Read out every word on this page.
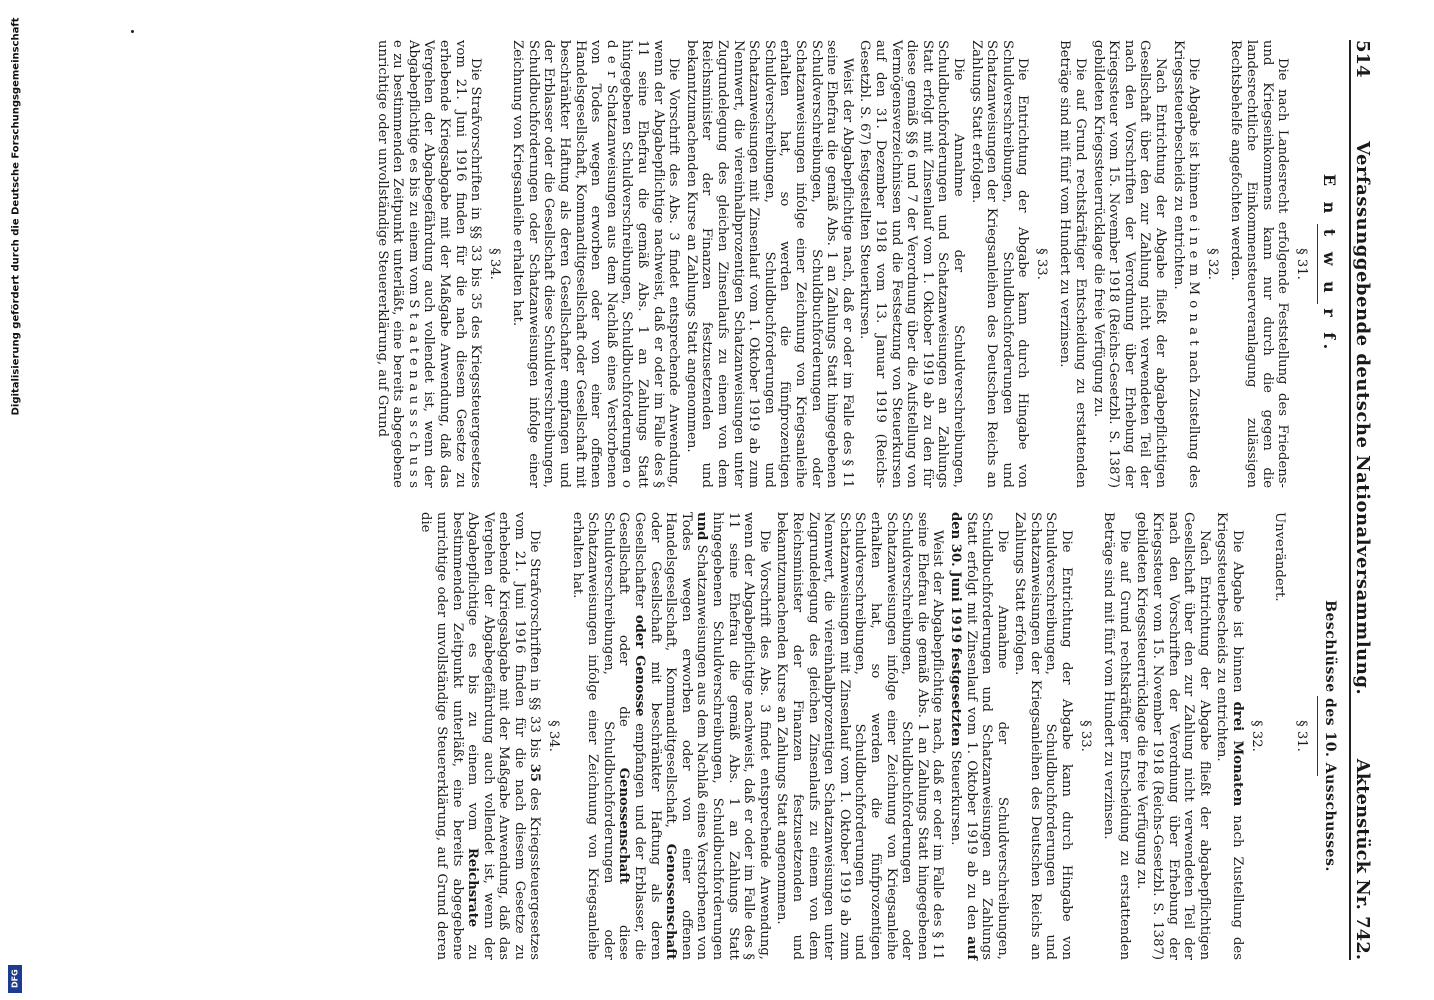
Digitalisierung gefördert durch die Deutsche Forschungsgemeinschaft
DFG
514
Verfassunggebende deutsche Nationalversammlung.
Aktenstück Nr. 742.
E n t w u r f.
§ 31.

Die nach Landesrecht erfolgende Feststellung des Friedens- und Kriegseinkommens kann nur durch die gegen die landesrechtliche Einkommensteuerveranlagung zulässigen Rechtsbehelfe angefochten werden.

§ 32.

Die Abgabe ist binnen e i n e m M o n a t nach Zustellung des Kriegssteuerbescheids zu entrichten.

Nach Entrichtung der Abgabe fließt der abgabepflichtigen Gesellschaft über den zur Zahlung nicht verwendeten Teil der nach den Vorschriften der Verordnung über Erhebung der Kriegssteuer vom 15. November 1918 (Reichs-Gesetzbl. S. 1387) gebildeten Kriegssteuerrücklage die freie Verfügung zu.

Die auf Grund rechtskräftiger Entscheidung zu erstattenden Beträge sind mit fünf vom Hundert zu verzinsen.

§ 33.

Die Entrichtung der Abgabe kann durch Hingabe von Schuldverschreibungen, Schuldbuchforderungen und Schatzanweisungen der Kriegsanleihen des Deutschen Reichs an Zahlungs Statt erfolgen.

Die Annahme der Schuldverschreibungen, Schuldbuchforderungen und Schatzanweisungen an Zahlungs Statt erfolgt mit Zinsenlauf vom 1. Oktober 1919 ab zu den für diese gemäß §§ 6 und 7 der Verordnung über die Aufstellung von Vermögensverzeichnissen und die Festsetzung von Steuerkursen auf den 31. Dezember 1918 vom 13. Januar 1919 (Reichs-Gesetzbl. S. 67) festgestellten Steuerkursen.

Weist der Abgabepflichtige nach, daß er oder im Falle des § 11 seine Ehefrau die gemäß Abs. 1 an Zahlungs Statt hingegebenen Schuldverschreibungen, Schuldbuchforderungen oder Schatzanweisungen infolge einer Zeichnung von Kriegsanleihe erhalten hat, so werden die fünfprozentigen Schuldverschreibungen, Schuldbuchforderungen und Schatzanweisungen mit Zinsenlauf vom 1. Oktober 1919 ab zum Nennwert, die viereinhalbprozentigen Schatzanweisungen unter Zugrundelegung des gleichen Zinsenlaufs zu einem von dem Reichsminister der Finanzen festzusetzenden und bekanntzumachenden Kurse an Zahlungs Statt angenommen.

Die Vorschrift des Abs. 3 findet entsprechende Anwendung, wenn der Abgabepflichtige nachweist, daß er oder im Falle des § 11 seine Ehefrau die gemäß Abs. 1 an Zahlungs Statt hingegebenen Schuldverschreibungen, Schuldbuchforderungen o d e r Schatzanweisungen aus dem Nachlaß eines Verstorbenen von Todes wegen erworben oder von einer offenen Handelsgesellschaft, Kommanditgesellschaft oder Gesellschaft mit beschränkter Haftung als deren Gesellschafter empfangen und der Erblasser oder die Gesellschaft diese Schuldverschreibungen, Schuldbuchforderungen oder Schatzanweisungen infolge einer Zeichnung von Kriegsanleihe erhalten hat.

§ 34.

Die Strafvorschriften in §§ 33 bis 35 des Kriegssteuergesetzes vom 21. Juni 1916 finden für die nach diesem Gesetze zu erhebende Kriegsabgabe mit der Maßgabe Anwendung, daß das Vergehen der Abgabegefährdung auch vollendet ist, wenn der Abgabepflichtige es bis zu einem vom S t a a t e n a u s s c h u s s e zu bestimmenden Zeitpunkt unterläßt, eine bereits abgegebene unrichtige oder unvollständige Steuererklärung, auf Grund

Beschlüsse des 10. Ausschusses.
§ 31.
Unverändert.
§ 32.

Die Abgabe ist binnen drei Monaten nach Zustellung des Kriegssteuerbescheids zu entrichten.

Nach Entrichtung der Abgabe fließt der abgabepflichtigen Gesellschaft über den zur Zahlung nicht verwendeten Teil der nach den Vorschriften der Verordnung über Erhebung der Kriegssteuer vom 15. November 1918 (Reichs-Gesetzbl. S. 1387) gebildeten Kriegssteuerrücklage die freie Verfügung zu.

Die auf Grund rechtskräftiger Entscheidung zu erstattenden Beträge sind mit fünf vom Hundert zu verzinsen.

§ 33.

Die Entrichtung der Abgabe kann durch Hingabe von Schuldverschreibungen, Schuldbuchforderungen und Schatzanweisungen der Kriegsanleihen des Deutschen Reichs an Zahlungs Statt erfolgen.

Die Annahme der Schuldverschreibungen, Schuldbuchforderungen und Schatzanweisungen an Zahlungs Statt erfolgt mit Zinsenlauf vom 1. Oktober 1919 ab zu den auf den 30. Juni 1919 festgesetzten Steuerkursen.

Weist der Abgabepflichtige nach, daß er oder im Falle des § 11 seine Ehefrau die gemäß Abs. 1 an Zahlungs Statt hingegebenen Schuldverschreibungen, Schuldbuchforderungen oder Schatzanweisungen infolge einer Zeichnung von Kriegsanleihe erhalten hat, so werden die fünfprozentigen Schuldverschreibungen, Schuldbuchforderungen und Schatzanweisungen mit Zinsenlauf vom 1. Oktober 1919 ab zum Nennwert, die viereinhalbprozentigen Schatzanweisungen unter Zugrundelegung des gleichen Zinsenlaufs zu einem von dem Reichsminister der Finanzen festzusetzenden und bekanntzumachenden Kurse an Zahlungs Statt angenommen.

Die Vorschrift des Abs. 3 findet entsprechende Anwendung, wenn der Abgabepflichtige nachweist, daß er oder im Falle des § 11 seine Ehefrau die gemäß Abs. 1 an Zahlungs Statt hingegebenen Schuldverschreibungen, Schuldbuchforderungen und Schatzanweisungen aus dem Nachlaß eines Verstorbenen von Todes wegen erworben oder von einer offenen Handelsgesellschaft, Kommanditgesellschaft, Genossenschaft oder Gesellschaft mit beschränkter Haftung als deren Gesellschafter oder Genosse empfangen und der Erblasser, die Gesellschaft oder die Genossenschaft diese Schuldverschreibungen, Schuldbuchforderungen oder Schatzanweisungen infolge einer Zeichnung von Kriegsanleihe erhalten hat.

§ 34.

Die Strafvorschriften in §§ 33 bis 35 des Kriegssteuergesetzes vom 21. Juni 1916 finden für die nach diesem Gesetze zu erhebende Kriegsabgabe mit der Maßgabe Anwendung, daß das Vergehen der Abgabegefährdung auch vollendet ist, wenn der Abgabepflichtige es bis zu einem vom Reichsrate zu bestimmenden Zeitpunkt unterläßt, eine bereits abgegebene unrichtige oder unvollständige Steuererklärung, auf Grund deren die
